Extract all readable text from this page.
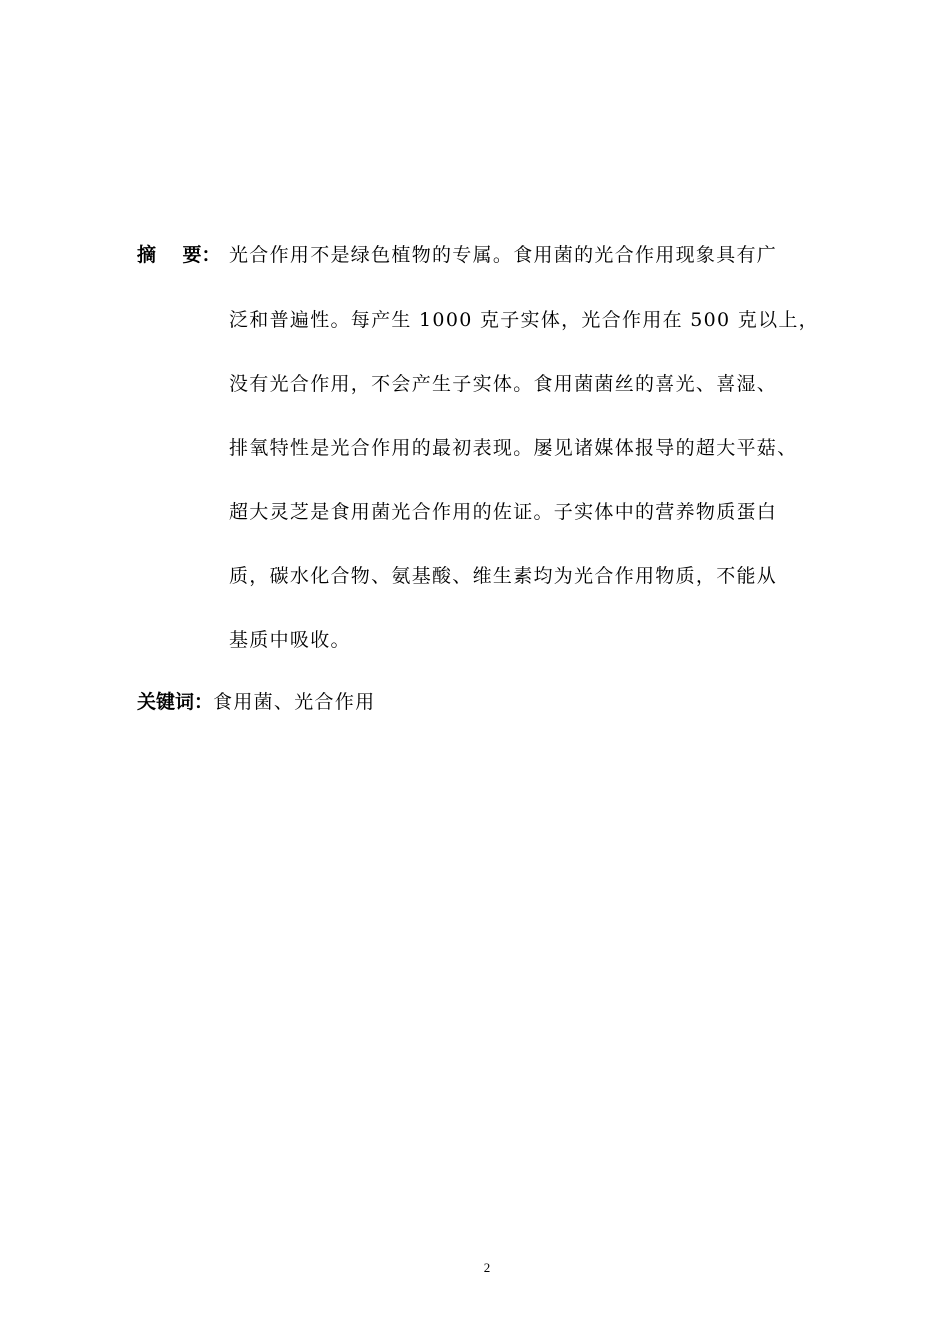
摘    要： 光合作用不是绿色植物的专属。食用菌的光合作用现象具有广
泛和普遍性。每产生 1000 克子实体，光合作用在 500 克以上，
没有光合作用，不会产生子实体。食用菌菌丝的喜光、喜湿、
排氧特性是光合作用的最初表现。屡见诸媒体报导的超大平菇、
超大灵芝是食用菌光合作用的佐证。子实体中的营养物质蛋白
质，碳水化合物、氨基酸、维生素均为光合作用物质，不能从
基质中吸收。
关键词：食用菌、光合作用
2
